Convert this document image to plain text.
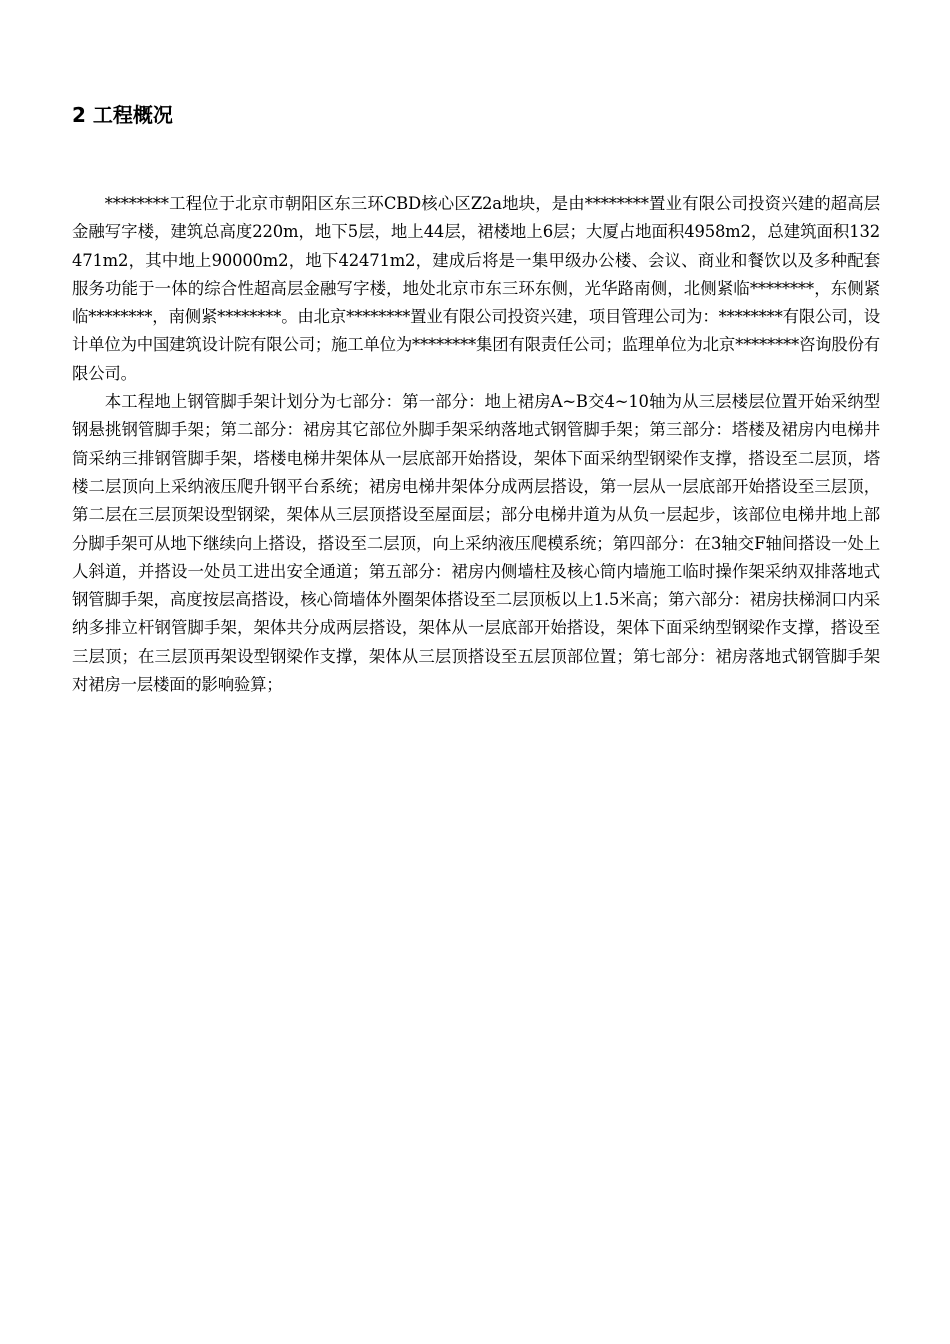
2 工程概况

********工程位于北京市朝阳区东三环CBD核心区Z2a地块，是由********置业有限公司投资兴建的超高层金融写字楼，建筑总高度220m，地下5层，地上44层，裙楼地上6层；大厦占地面积4958m2，总建筑面积132471m2，其中地上90000m2，地下42471m2，建成后将是一集甲级办公楼、会议、商业和餐饮以及多种配套服务功能于一体的综合性超高层金融写字楼，地处北京市东三环东侧，光华路南侧，北侧紧临********，东侧紧临********，南侧紧********。由北京********置业有限公司投资兴建，项目管理公司为：********有限公司，设计单位为中国建筑设计院有限公司；施工单位为********集团有限责任公司；监理单位为北京********咨询股份有限公司。

本工程地上钢管脚手架计划分为七部分：第一部分：地上裙房A~B交4~10轴为从三层楼层位置开始采纳型钢悬挑钢管脚手架；第二部分：裙房其它部位外脚手架采纳落地式钢管脚手架；第三部分：塔楼及裙房内电梯井筒采纳三排钢管脚手架，塔楼电梯井架体从一层底部开始搭设，架体下面采纳型钢梁作支撑，搭设至二层顶，塔楼二层顶向上采纳液压爬升钢平台系统；裙房电梯井架体分成两层搭设，第一层从一层底部开始搭设至三层顶，第二层在三层顶架设型钢梁，架体从三层顶搭设至屋面层；部分电梯井道为从负一层起步，该部位电梯井地上部分脚手架可从地下继续向上搭设，搭设至二层顶，向上采纳液压爬模系统；第四部分：在3轴交F轴间搭设一处上人斜道，并搭设一处员工进出安全通道；第五部分：裙房内侧墙柱及核心筒内墙施工临时操作架采纳双排落地式钢管脚手架，高度按层高搭设，核心筒墙体外圈架体搭设至二层顶板以上1.5米高；第六部分：裙房扶梯洞口内采纳多排立杆钢管脚手架，架体共分成两层搭设，架体从一层底部开始搭设，架体下面采纳型钢梁作支撑，搭设至三层顶；在三层顶再架设型钢梁作支撑，架体从三层顶搭设至五层顶部位置；第七部分：裙房落地式钢管脚手架对裙房一层楼面的影响验算；
